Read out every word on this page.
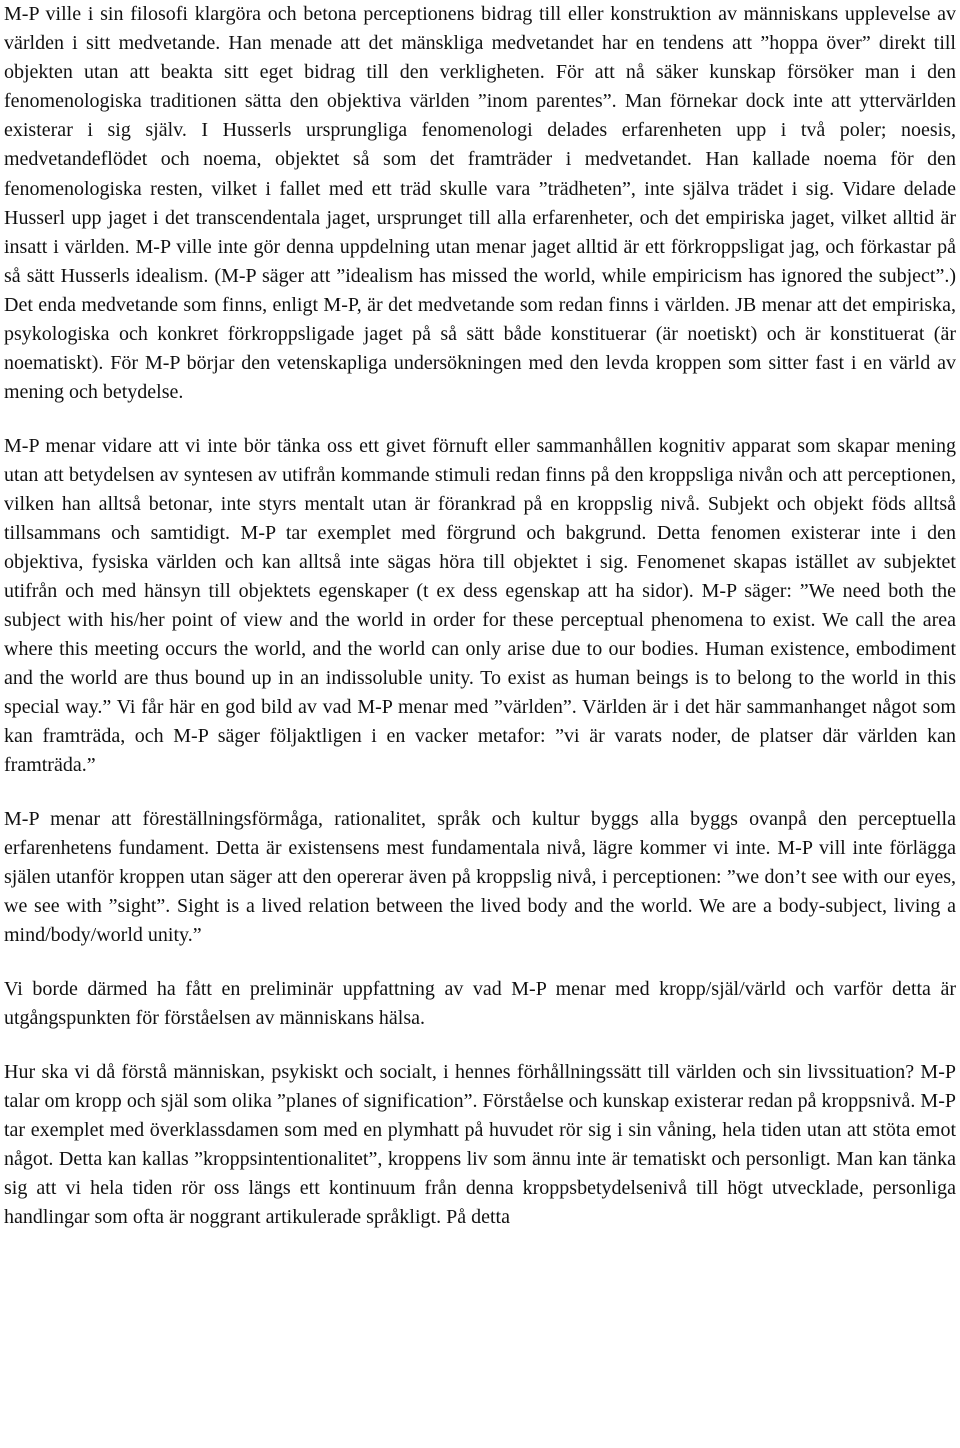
M-P ville i sin filosofi klargöra och betona perceptionens bidrag till eller konstruktion av människans upplevelse av världen i sitt medvetande. Han menade att det mänskliga medvetandet har en tendens att ”hoppa över” direkt till objekten utan att beakta sitt eget bidrag till den verkligheten. För att nå säker kunskap försöker man i den fenomenologiska traditionen sätta den objektiva världen ”inom parentes”. Man förnekar dock inte att yttervärlden existerar i sig själv. I Husserls ursprungliga fenomenologi delades erfarenheten upp i två poler; noesis, medvetandeflödet och noema, objektet så som det framträder i medvetandet. Han kallade noema för den fenomenologiska resten, vilket i fallet med ett träd skulle vara ”trädheten”, inte själva trädet i sig. Vidare delade Husserl upp jaget i det transcendentala jaget, ursprunget till alla erfarenheter, och det empiriska jaget, vilket alltid är insatt i världen. M-P ville inte gör denna uppdelning utan menar jaget alltid är ett förkroppsligat jag, och förkastar på så sätt Husserls idealism. (M-P säger att ”idealism has missed the world, while empiricism has ignored the subject”.) Det enda medvetande som finns, enligt M-P, är det medvetande som redan finns i världen. JB menar att det empiriska, psykologiska och konkret förkroppsligade jaget på så sätt både konstituerar (är noetiskt) och är konstituerat (är noematiskt). För M-P börjar den vetenskapliga undersökningen med den levda kroppen som sitter fast i en värld av mening och betydelse.

M-P menar vidare att vi inte bör tänka oss ett givet förnuft eller sammanhållen kognitiv apparat som skapar mening utan att betydelsen av syntesen av utifrån kommande stimuli redan finns på den kroppsliga nivån och att perceptionen, vilken han alltså betonar, inte styrs mentalt utan är förankrad på en kroppslig nivå. Subjekt och objekt föds alltså tillsammans och samtidigt. M-P tar exemplet med förgrund och bakgrund. Detta fenomen existerar inte i den objektiva, fysiska världen och kan alltså inte sägas höra till objektet i sig. Fenomenet skapas istället av subjektet utifrån och med hänsyn till objektets egenskaper (t ex dess egenskap att ha sidor). M-P säger: ”We need both the subject with his/her point of view and the world in order for these perceptual phenomena to exist. We call the area where this meeting occurs the world, and the world can only arise due to our bodies. Human existence, embodiment and the world are thus bound up in an indissoluble unity. To exist as human beings is to belong to the world in this special way.” Vi får här en god bild av vad M-P menar med ”världen”. Världen är i det här sammanhanget något som kan framträda, och M-P säger följaktligen i en vacker metafor: ”vi är varats noder, de platser där världen kan framträda.”

M-P menar att föreställningsförmåga, rationalitet, språk och kultur byggs alla byggs ovanpå den perceptuella erfarenhetens fundament. Detta är existensens mest fundamentala nivå, lägre kommer vi inte. M-P vill inte förlägga själen utanför kroppen utan säger att den opererar även på kroppslig nivå, i perceptionen: ”we don’t see with our eyes, we see with ”sight”. Sight is a lived relation between the lived body and the world. We are a body-subject, living a mind/body/world unity.”

Vi borde därmed ha fått en preliminär uppfattning av vad M-P menar med kropp/själ/värld och varför detta är utgångspunkten för förståelsen av människans hälsa.

Hur ska vi då förstå människan, psykiskt och socialt, i hennes förhållningssätt till världen och sin livssituation? M-P talar om kropp och själ som olika ”planes of signification”. Förståelse och kunskap existerar redan på kroppsnivå. M-P tar exemplet med överklassdamen som med en plymhatt på huvudet rör sig i sin våning, hela tiden utan att stöta emot något. Detta kan kallas ”kroppsintentionalitet”, kroppens liv som ännu inte är tematiskt och personligt. Man kan tänka sig att vi hela tiden rör oss längs ett kontinuum från denna kroppsbetydelsenivå till högt utvecklade, personliga handlingar som ofta är noggrant artikulerade språkligt. På detta
